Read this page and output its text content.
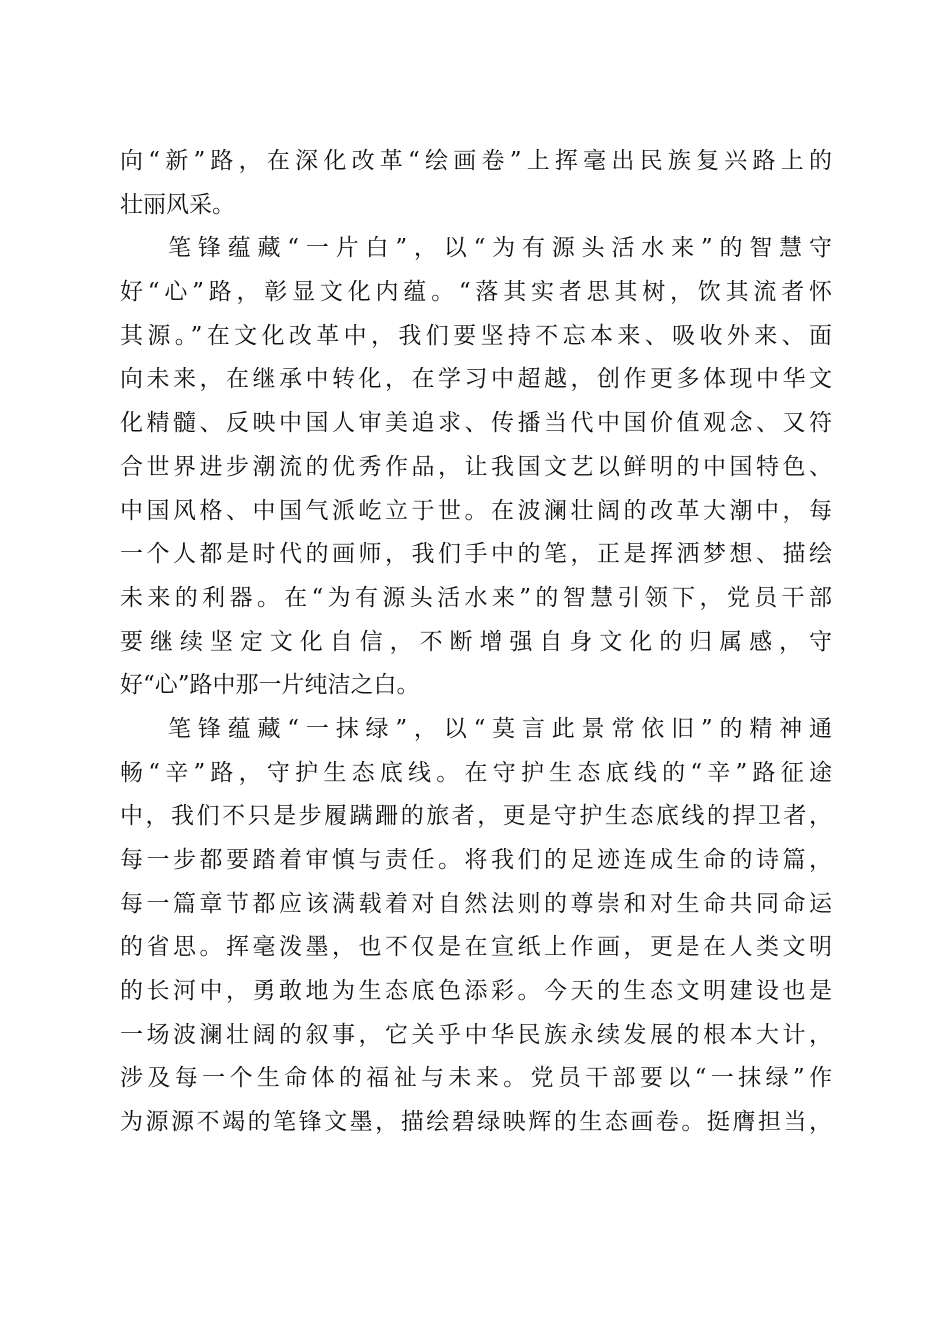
向“新”路，在深化改革“绘画卷”上挥毫出民族复兴路上的
壮丽风采。
笔锋蕴藏“一片白”，以“为有源头活水来”的智慧守
好“心”路，彰显文化内蕴。“落其实者思其树，饮其流者怀
其源。”在文化改革中，我们要坚持不忘本来、吸收外来、面
向未来，在继承中转化，在学习中超越，创作更多体现中华文
化精髓、反映中国人审美追求、传播当代中国价值观念、又符
合世界进步潮流的优秀作品，让我国文艺以鲜明的中国特色、
中国风格、中国气派屹立于世。在波澜壮阔的改革大潮中，每
一个人都是时代的画师，我们手中的笔，正是挥洒梦想、描绘
未来的利器。在“为有源头活水来”的智慧引领下，党员干部
要继续坚定文化自信，不断增强自身文化的归属感，守
好“心”路中那一片纯洁之白。
笔锋蕴藏“一抹绿”，以“莫言此景常依旧”的精神通
畅“辛”路，守护生态底线。在守护生态底线的“辛”路征途
中，我们不只是步履蹒跚的旅者，更是守护生态底线的捍卫者，
每一步都要踏着审慎与责任。将我们的足迹连成生命的诗篇，
每一篇章节都应该满载着对自然法则的尊崇和对生命共同命运
的省思。挥毫泼墨，也不仅是在宣纸上作画，更是在人类文明
的长河中，勇敢地为生态底色添彩。今天的生态文明建设也是
一场波澜壮阔的叙事，它关乎中华民族永续发展的根本大计，
涉及每一个生命体的福祉与未来。党员干部要以“一抹绿”作
为源源不竭的笔锋文墨，描绘碧绿映辉的生态画卷。挺膺担当，
